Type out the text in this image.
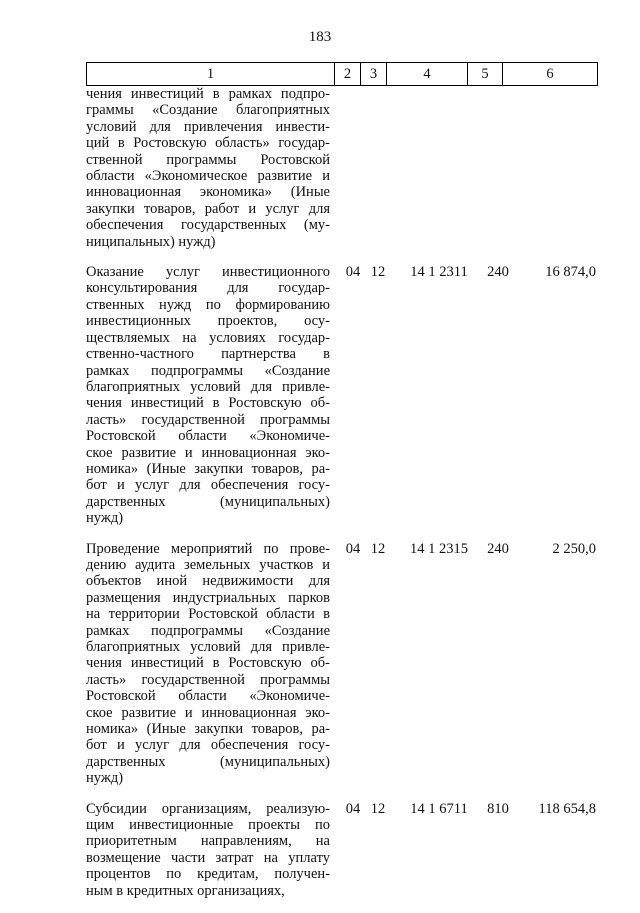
183
1	2	3	4	5	6
чения инвестиций в рамках подпро-
граммы «Создание благоприятных
условий для привлечения инвести-
ций в Ростовскую область» государ-
ственной программы Ростовской
области «Экономическое развитие и
инновационная экономика» (Иные
закупки товаров, работ и услуг для
обеспечения государственных (му-
ниципальных) нужд)
Оказание услуг инвестиционного
консультирования для государ-
ственных нужд по формированию
инвестиционных проектов, осу-
ществляемых на условиях государ-
ственно-частного партнерства в
рамках подпрограммы «Создание
благоприятных условий для привле-
чения инвестиций в Ростовскую об-
ласть» государственной программы
Ростовской области «Экономиче-
ское развитие и инновационная эко-
номика» (Иные закупки товаров, ра-
бот и услуг для обеспечения госу-
дарственных (муниципальных)
нужд)
04 12	14 1 2311	240	16 874,0
Проведение мероприятий по прове-
дению аудита земельных участков и
объектов иной недвижимости для
размещения индустриальных парков
на территории Ростовской области в
рамках подпрограммы «Создание
благоприятных условий для привле-
чения инвестиций в Ростовскую об-
ласть» государственной программы
Ростовской области «Экономиче-
ское развитие и инновационная эко-
номика» (Иные закупки товаров, ра-
бот и услуг для обеспечения госу-
дарственных (муниципальных)
нужд)
04 12	14 1 2315	240	2 250,0
Субсидии организациям, реализую-
щим инвестиционные проекты по
приоритетным направлениям, на
возмещение части затрат на уплату
процентов по кредитам, получен-
ным в кредитных организациях,
04 12	14 1 6711	810	118 654,8
